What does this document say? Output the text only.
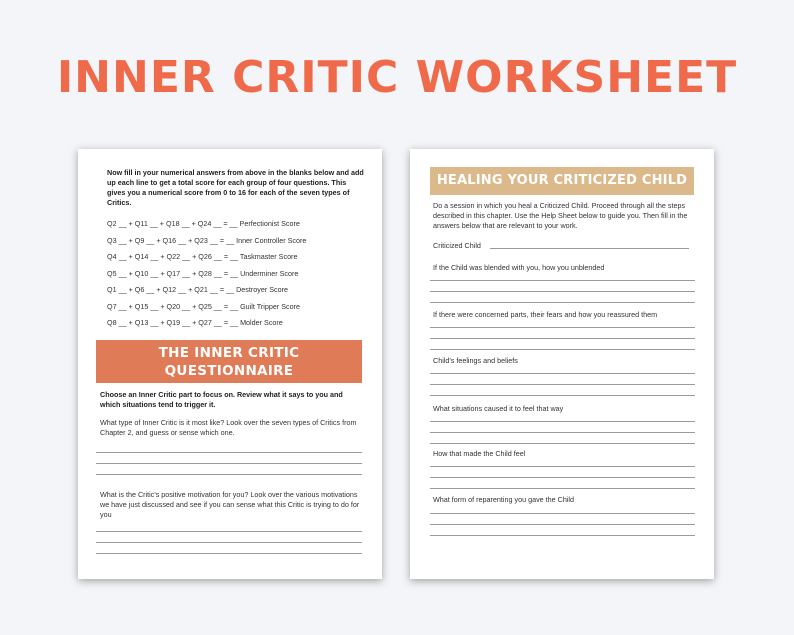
INNER CRITIC WORKSHEET
Now fill in your numerical answers from above in the blanks below and add up each line to get a total score for each group of four questions. This gives you a numerical score from 0 to 16 for each of the seven types of Critics.
Q2 __ + Q11 __ + Q18 __ + Q24 __ = __ Perfectionist Score
Q3 __ + Q9 __ + Q16 __ + Q23 __ = __ Inner Controller Score
Q4 __ + Q14 __ + Q22 __ + Q26 __ = __ Taskmaster Score
Q5 __ + Q10 __ + Q17 __ + Q28 __ = __ Underminer Score
Q1 __ + Q6 __ + Q12 __ + Q21 __ = __ Destroyer Score
Q7 __ + Q15 __ + Q20 __ + Q25 __ = __ Guilt Tripper Score
Q8 __ + Q13 __ + Q19 __ + Q27 __ = __ Molder Score
THE INNER CRITIC
QUESTIONNAIRE
Choose an Inner Critic part to focus on. Review what it says to you and which situations tend to trigger it.
What type of Inner Critic is it most like? Look over the seven types of Critics from Chapter 2, and guess or sense which one.
What is the Critic's positive motivation for you? Look over the various motivations we have just discussed and see if you can sense what this Critic is trying to do for you
HEALING YOUR CRITICIZED CHILD
Do a session in which you heal a Criticized Child. Proceed through all the steps described in this chapter. Use the Help Sheet below to guide you. Then fill in the answers below that are relevant to your work.
Criticized Child
If the Child was blended with you, how you unblended
If there were concerned parts, their fears and how you reassured them
Child's feelings and beliefs
What situations caused it to feel that way
How that made the Child feel
What form of reparenting you gave the Child
